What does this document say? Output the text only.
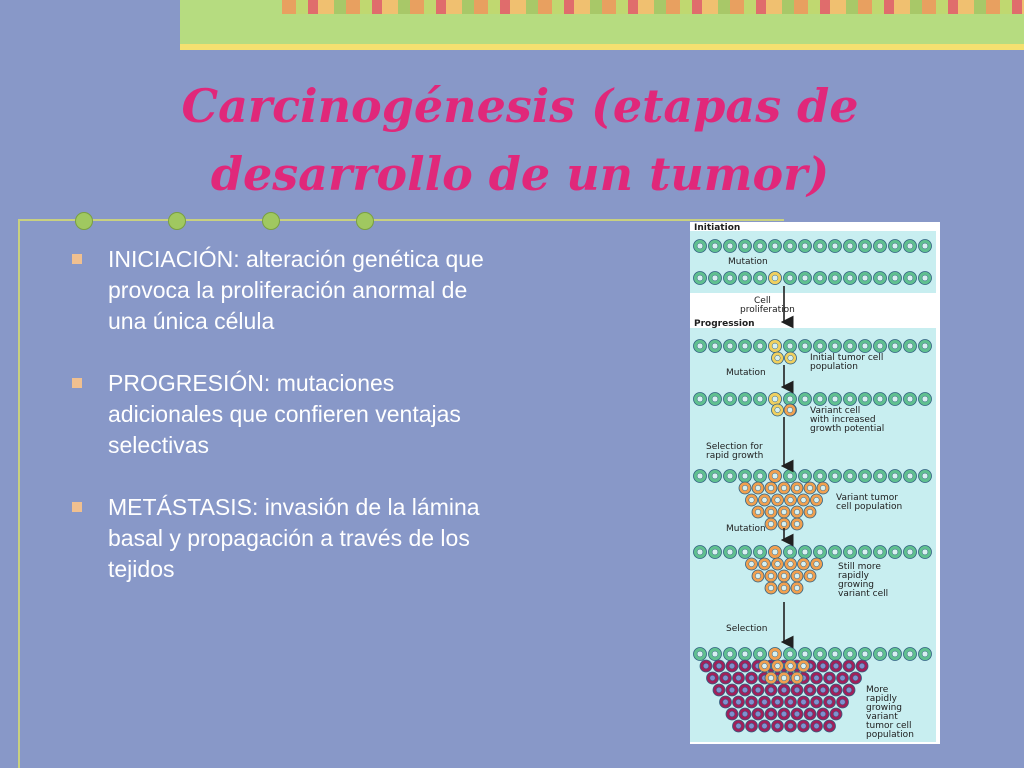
Carcinogénesis (etapas de desarrollo de un tumor)
INICIACIÓN: alteración genética que provoca la proliferación anormal de una única célula
PROGRESIÓN: mutaciones adicionales que confieren ventajas selectivas
METÁSTASIS: invasión de la lámina basal y propagación a través de los tejidos
Initiation
Mutation
Cell
proliferation
Progression
Initial tumor cell
population
Mutation
Variant cell
with increased
growth potential
Selection for
rapid growth
Variant tumor
cell population
Mutation
Still more
rapidly
growing
variant cell
Selection
More
rapidly
growing
variant
tumor cell
population
